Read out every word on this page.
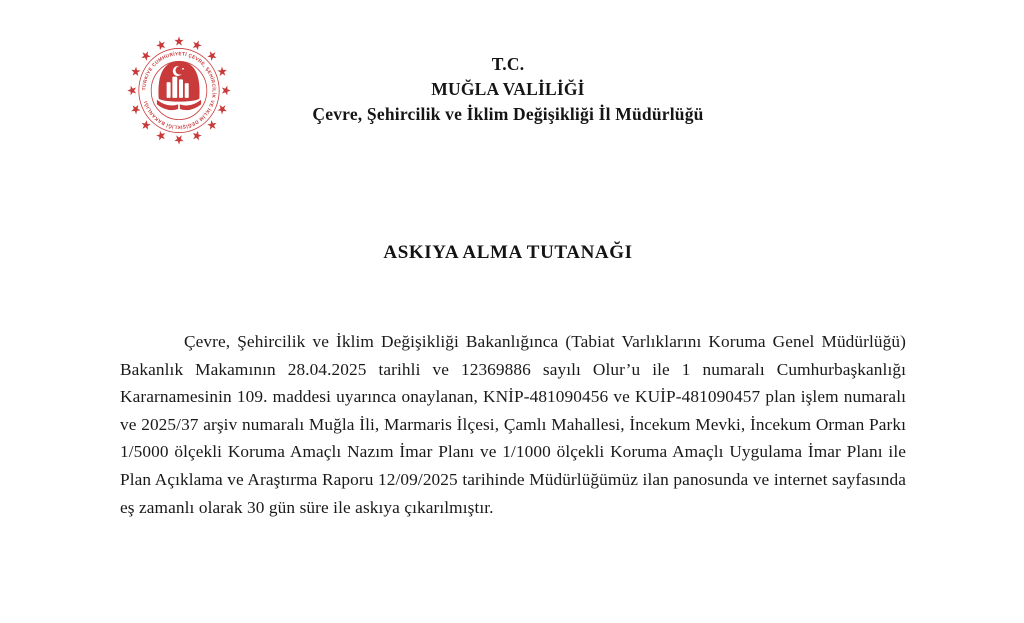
TÜRKİYE CUMHURİYETİ ÇEVRE, ŞEHİRCİLİK VE İKLİM DEĞİŞİKLİĞİ BAKANLIĞI
T.C.
MUĞLA VALİLİĞİ
Çevre, Şehircilik ve İklim Değişikliği İl Müdürlüğü
ASKIYA ALMA TUTANAĞI
Çevre, Şehircilik ve İklim Değişikliği Bakanlığınca (Tabiat Varlıklarını Koruma Genel Müdürlüğü) Bakanlık Makamının 28.04.2025 tarihli ve 12369886 sayılı Olur’u ile 1 numaralı Cumhurbaşkanlığı Kararnamesinin 109. maddesi uyarınca onaylanan, KNİP-481090456 ve KUİP-481090457 plan işlem numaralı ve 2025/37 arşiv numaralı Muğla İli, Marmaris İlçesi, Çamlı Mahallesi, İncekum Mevki, İncekum Orman Parkı 1/5000 ölçekli Koruma Amaçlı Nazım İmar Planı ve 1/1000 ölçekli Koruma Amaçlı Uygulama İmar Planı ile Plan Açıklama ve Araştırma Raporu 12/09/2025 tarihinde Müdürlüğümüz ilan panosunda ve internet sayfasında eş zamanlı olarak 30 gün süre ile askıya çıkarılmıştır.
